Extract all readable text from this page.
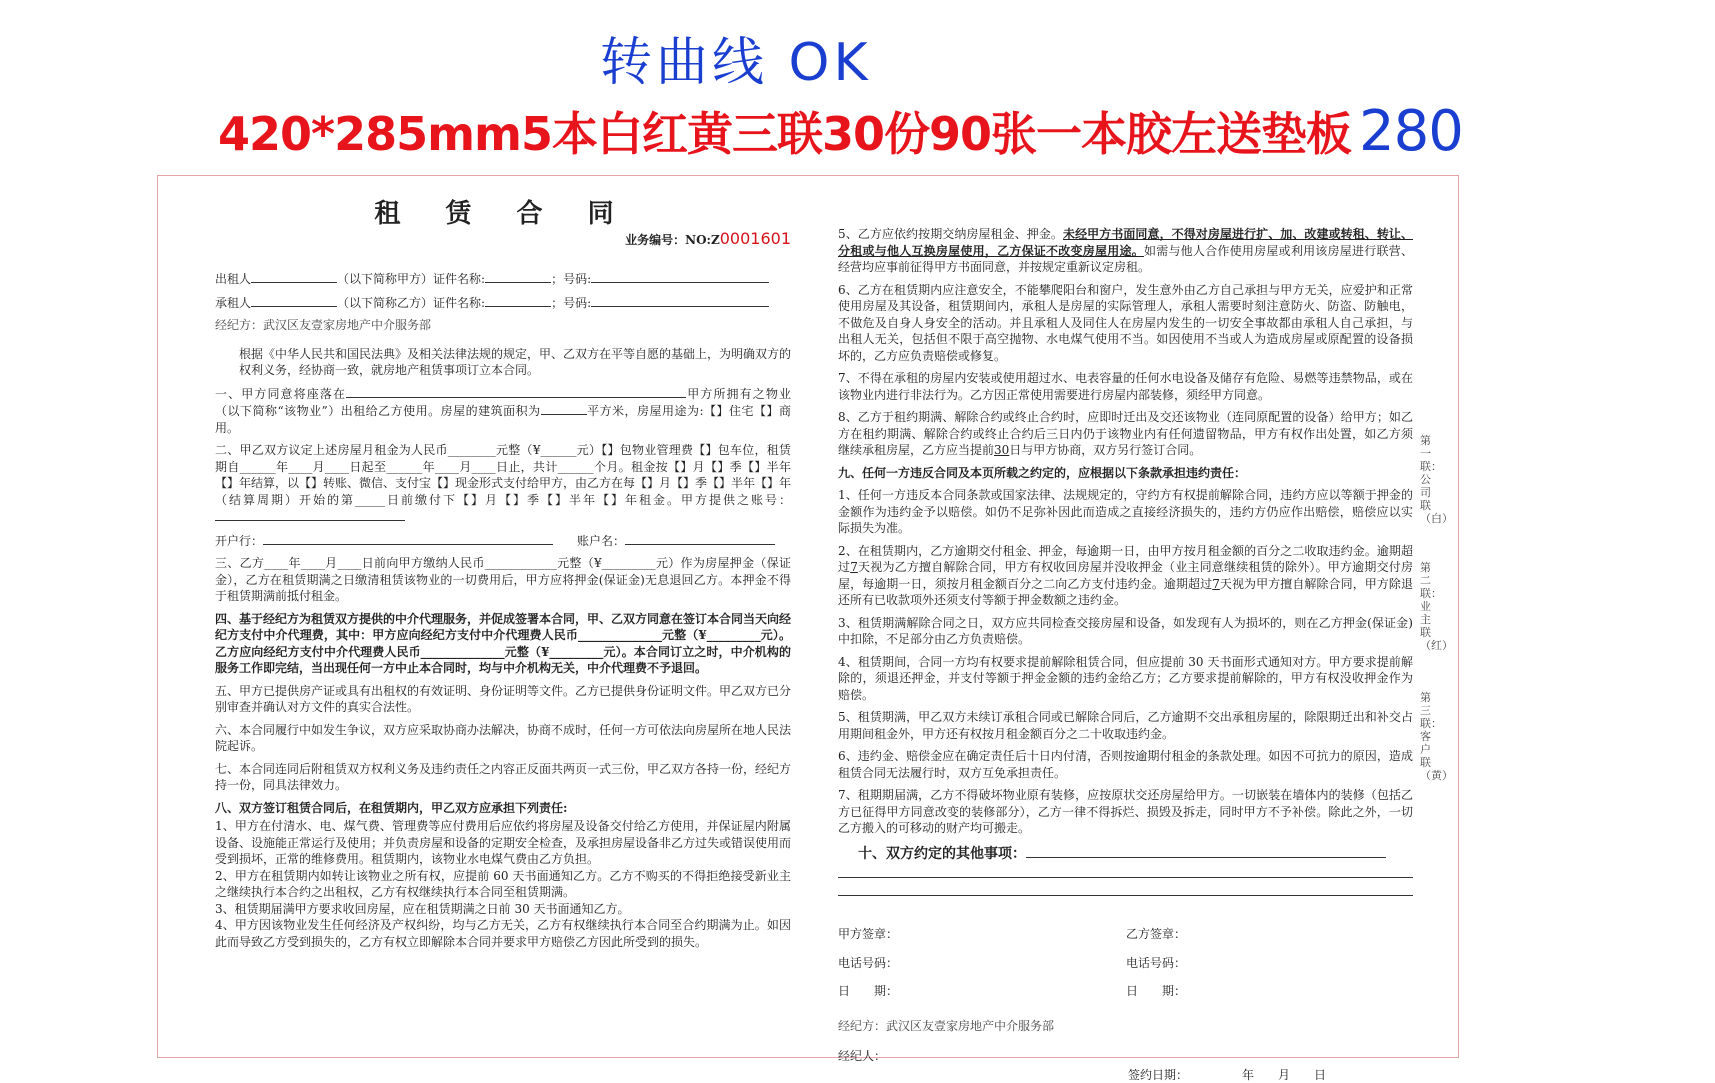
转曲线 OK
420*285mm5本白红黄三联30份90张一本胶左送垫板 280
租 赁 合 同
业务编号：NO:Z0001601

出租人	（以下简称甲方）证件名称:	；号码:

承租人	（以下简称乙方）证件名称:	；号码:

经纪方：武汉区友壹家房地产中介服务部

根据《中华人民共和国民法典》及相关法律法规的规定，甲、乙双方在平等自愿的基础上，为明确双方的权利义务，经协商一致，就房地产租赁事项订立本合同。

一、甲方同意将座落在	甲方所拥有之物业（以下简称“该物业”）出租给乙方使用。房屋的建筑面积为	平方米，房屋用途为:【】住宅【】商用。

二、甲乙双方议定上述房屋月租金为人民币________元整（¥______元）【】包物业管理费【】包车位，租赁期自______年____月____日起至______年____月____日止，共计______个月。租金按【】月【】季【】半年【】年结算，以【】转账、微信、支付宝【】现金形式支付给甲方，由乙方在每【】月【】季【】半年【】年（结算周期）开始的第_____日前缴付下【】月【】季【】半年【】年租金。甲方提供之账号：

开户行：　　	账户名：

三、乙方____年____月____日前向甲方缴纳人民币____________元整（¥_________元）作为房屋押金（保证金），乙方在租赁期满之日缴清租赁该物业的一切费用后，甲方应将押金(保证金)无息退回乙方。本押金不得于租赁期满前抵付租金。

四、基于经纪方为租赁双方提供的中介代理服务，并促成签署本合同，甲、乙双方同意在签订本合同当天向经纪方支付中介代理费，其中：甲方应向经纪方支付中介代理费人民币______________元整（¥_________元）。乙方应向经纪方支付中介代理费人民币______________元整（¥_________元）。本合同订立之时，中介机构的服务工作即完结，当出现任何一方中止本合同时，均与中介机构无关，中介代理费不予退回。

五、甲方已提供房产证或具有出租权的有效证明、身份证明等文件。乙方已提供身份证明文件。甲乙双方已分别审查并确认对方文件的真实合法性。

六、本合同履行中如发生争议，双方应采取协商办法解决，协商不成时，任何一方可依法向房屋所在地人民法院起诉。

七、本合同连同后附租赁双方权利义务及违约责任之内容正反面共两页一式三份，甲乙双方各持一份，经纪方持一份，同具法律效力。

八、双方签订租赁合同后，在租赁期内，甲乙双方应承担下列责任:

1、甲方在付清水、电、煤气费、管理费等应付费用后应依约将房屋及设备交付给乙方使用，并保证屋内附属设备、设施能正常运行及使用；并负责房屋和设备的定期安全检查，及承担房屋设备非乙方过失或错误使用而受到损坏，正常的维修费用。租赁期内，该物业水电煤气费由乙方负担。

2、甲方在租赁期内如转让该物业之所有权，应提前 60 天书面通知乙方。乙方不购买的不得拒绝接受新业主之继续执行本合约之出租权，乙方有权继续执行本合同至租赁期满。

3、租赁期届满甲方要求收回房屋，应在租赁期满之日前 30 天书面通知乙方。

4、甲方因该物业发生任何经济及产权纠纷，均与乙方无关，乙方有权继续执行本合同至合约期满为止。如因此而导致乙方受到损失的，乙方有权立即解除本合同并要求甲方赔偿乙方因此所受到的损失。

5、乙方应依约按期交纳房屋租金、押金。未经甲方书面同意，不得对房屋进行扩、加、改建或转租、转让、分租或与他人互换房屋使用，乙方保证不改变房屋用途。如需与他人合作使用房屋或利用该房屋进行联营、经营均应事前征得甲方书面同意，并按规定重新议定房租。

6、乙方在租赁期内应注意安全，不能攀爬阳台和窗户，发生意外由乙方自己承担与甲方无关，应爱护和正常使用房屋及其设备，租赁期间内，承租人是房屋的实际管理人，承租人需要时刻注意防火、防盗、防触电，不做危及自身人身安全的活动。并且承租人及同住人在房屋内发生的一切安全事故都由承租人自己承担，与出租人无关，包括但不限于高空抛物、水电煤气使用不当。如因使用不当或人为造成房屋或原配置的设备损坏的，乙方应负责赔偿或修复。

7、不得在承租的房屋内安装或使用超过水、电表容量的任何水电设备及储存有危险、易燃等违禁物品，或在该物业内进行非法行为。乙方因正常使用需要进行房屋内部装修，须经甲方同意。

8、乙方于租约期满、解除合约或终止合约时，应即时迁出及交还该物业（连同原配置的设备）给甲方；如乙方在租约期满、解除合约或终止合约后三日内仍于该物业内有任何遗留物品，甲方有权作出处置，如乙方须继续承租房屋，乙方应当提前30日与甲方协商，双方另行签订合同。

九、任何一方违反合同及本页所载之约定的，应根据以下条款承担违约责任：

1、任何一方违反本合同条款或国家法律、法规规定的，守约方有权提前解除合同，违约方应以等额于押金的金额作为违约金予以赔偿。如仍不足弥补因此而造成之直接经济损失的，违约方仍应作出赔偿，赔偿应以实际损失为准。

2、在租赁期内，乙方逾期交付租金、押金，每逾期一日，由甲方按月租金额的百分之二收取违约金。逾期超过7天视为乙方擅自解除合同，甲方有权收回房屋并没收押金（业主同意继续租赁的除外）。甲方逾期交付房屋，每逾期一日，须按月租金额百分之二向乙方支付违约金。逾期超过7天视为甲方擅自解除合同，甲方除退还所有已收款项外还须支付等额于押金数额之违约金。

3、租赁期满解除合同之日，双方应共同检查交接房屋和设备，如发现有人为损坏的，则在乙方押金(保证金)中扣除，不足部分由乙方负责赔偿。

4、租赁期间，合同一方均有权要求提前解除租赁合同，但应提前 30 天书面形式通知对方。甲方要求提前解除的，须退还押金，并支付等额于押金金额的违约金给乙方；乙方要求提前解除的，甲方有权没收押金作为赔偿。

5、租赁期满，甲乙双方未续订承租合同或已解除合同后，乙方逾期不交出承租房屋的，除限期迁出和补交占用期间租金外，甲方还有权按月租金额百分之二十收取违约金。

6、违约金、赔偿金应在确定责任后十日内付清，否则按逾期付租金的条款处理。如因不可抗力的原因，造成租赁合同无法履行时，双方互免承担责任。

7、租期期届满，乙方不得破坏物业原有装修，应按原状交还房屋给甲方。一切嵌装在墙体内的装修（包括乙方已征得甲方同意改变的装修部分），乙方一律不得拆烂、损毁及拆走，同时甲方不予补偿。除此之外，一切乙方搬入的可移动的财产均可搬走。

十、双方约定的其他事项：

甲方签章：	乙方签章：
电话号码：	电话号码：
日　　期：	日　　期：
经纪方：武汉区友壹家房地产中介服务部
经纪人：
签约日期：　　　　　年　　月　　日
第一联：公司联（白）
第二联：业主联（红）
第三联：客户联（黄）
